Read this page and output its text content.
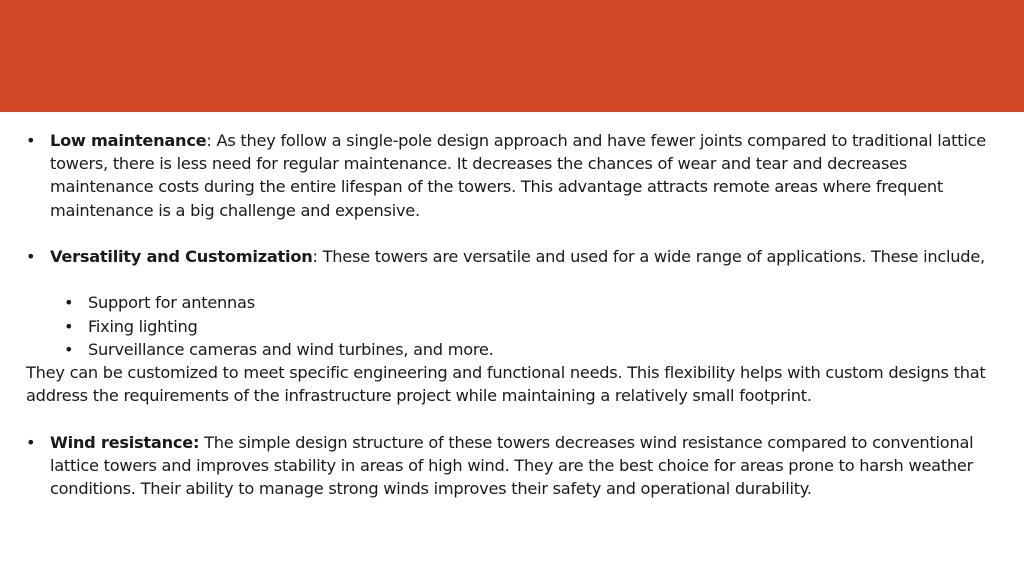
• Low maintenance: As they follow a single-pole design approach and have fewer joints compared to traditional lattice towers, there is less need for regular maintenance. It decreases the chances of wear and tear and decreases maintenance costs during the entire lifespan of the towers. This advantage attracts remote areas where frequent maintenance is a big challenge and expensive.
• Versatility and Customization: These towers are versatile and used for a wide range of applications. These include,
• Support for antennas
• Fixing lighting
• Surveillance cameras and wind turbines, and more.
They can be customized to meet specific engineering and functional needs. This flexibility helps with custom designs that address the requirements of the infrastructure project while maintaining a relatively small footprint.
• Wind resistance: The simple design structure of these towers decreases wind resistance compared to conventional lattice towers and improves stability in areas of high wind. They are the best choice for areas prone to harsh weather conditions. Their ability to manage strong winds improves their safety and operational durability.
